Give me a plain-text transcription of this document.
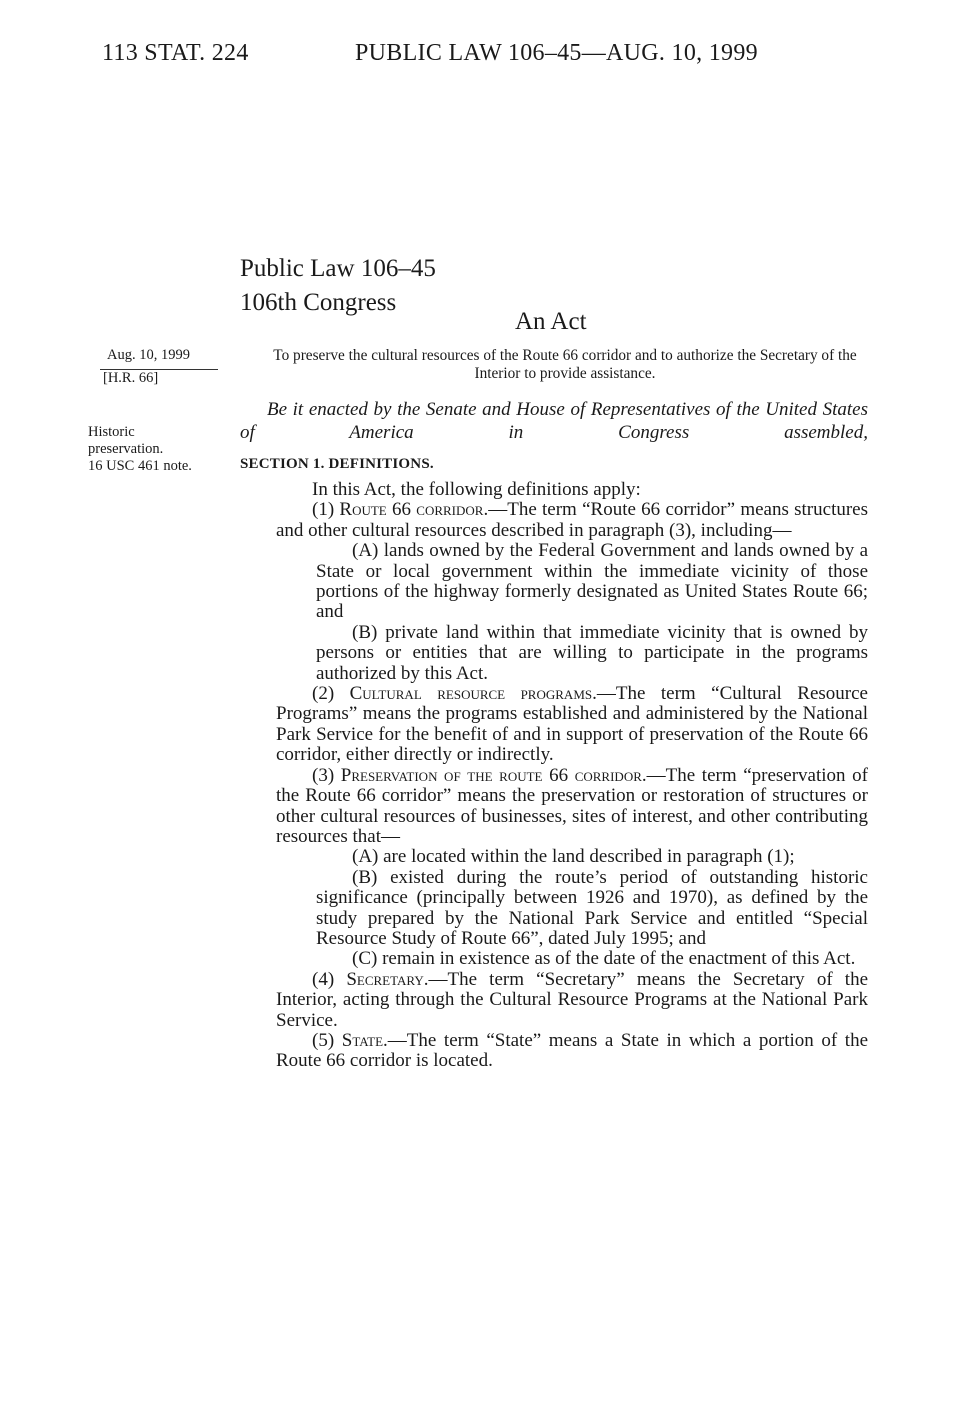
113 STAT. 224	PUBLIC LAW 106–45—AUG. 10, 1999
Public Law 106–45
106th Congress
An Act
Aug. 10, 1999
[H.R. 66]
Historic
preservation.
16 USC 461 note.
To preserve the cultural resources of the Route 66 corridor and to authorize the Secretary of the Interior to provide assistance.
Be it enacted by the Senate and House of Representatives of the United States of America in Congress assembled,
SECTION 1. DEFINITIONS.

In this Act, the following definitions apply:

(1) Route 66 corridor.—The term “Route 66 corridor” means structures and other cultural resources described in paragraph (3), including—

(A) lands owned by the Federal Government and lands owned by a State or local government within the immediate vicinity of those portions of the highway formerly designated as United States Route 66; and

(B) private land within that immediate vicinity that is owned by persons or entities that are willing to participate in the programs authorized by this Act.

(2) Cultural resource programs.—The term “Cultural Resource Programs” means the programs established and administered by the National Park Service for the benefit of and in support of preservation of the Route 66 corridor, either directly or indirectly.

(3) Preservation of the route 66 corridor.—The term “preservation of the Route 66 corridor” means the preservation or restoration of structures or other cultural resources of businesses, sites of interest, and other contributing resources that—

(A) are located within the land described in paragraph (1);

(B) existed during the route’s period of outstanding historic significance (principally between 1926 and 1970), as defined by the study prepared by the National Park Service and entitled “Special Resource Study of Route 66”, dated July 1995; and

(C) remain in existence as of the date of the enactment of this Act.

(4) Secretary.—The term “Secretary” means the Secretary of the Interior, acting through the Cultural Resource Programs at the National Park Service.

(5) State.—The term “State” means a State in which a portion of the Route 66 corridor is located.
